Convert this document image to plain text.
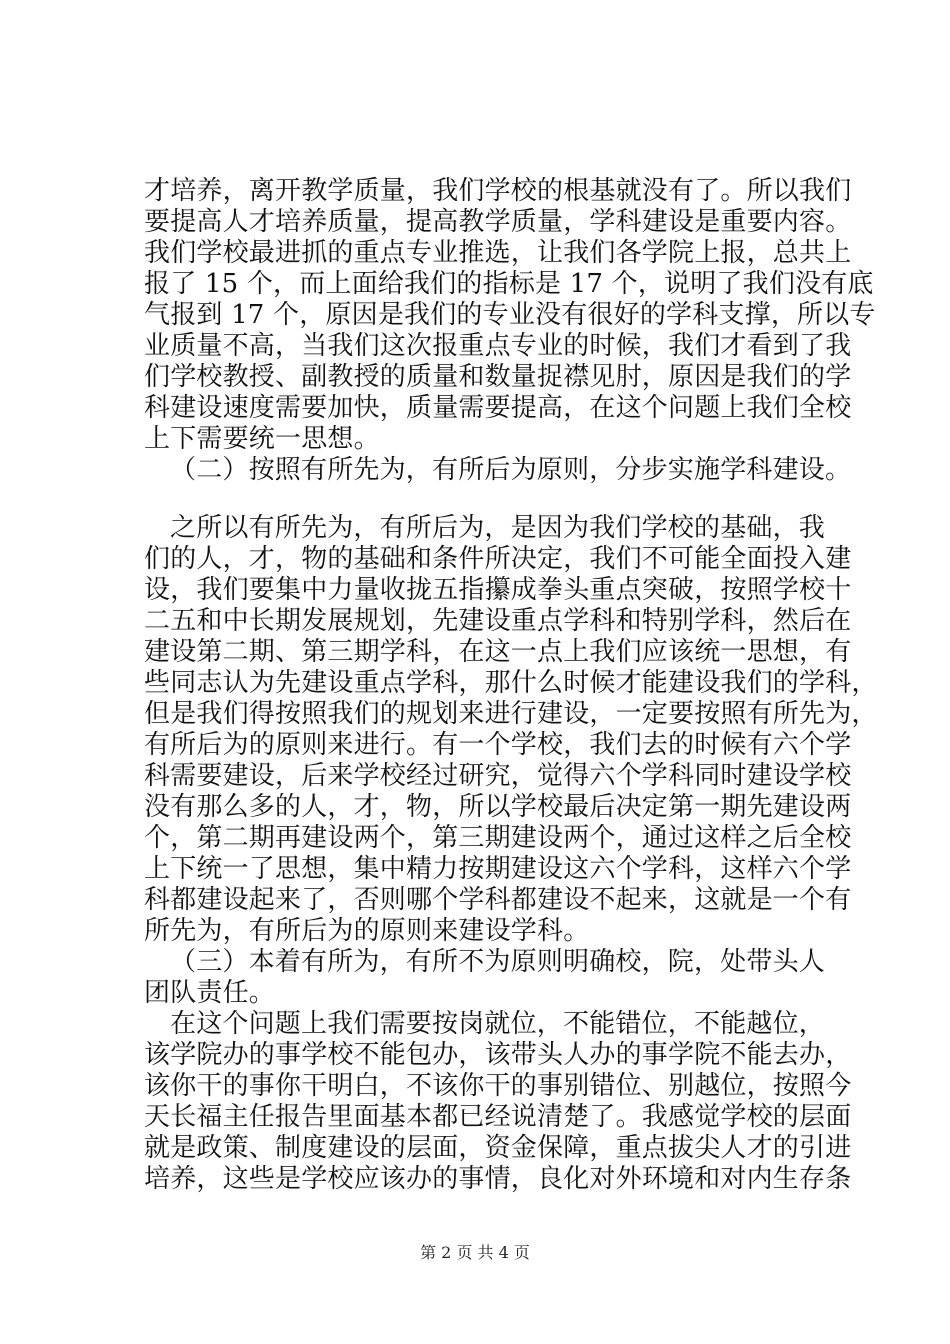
才培养，离开教学质量，我们学校的根基就没有了。所以我们
要提高人才培养质量，提高教学质量，学科建设是重要内容。
我们学校最进抓的重点专业推选，让我们各学院上报，总共上
报了 15 个，而上面给我们的指标是 17 个，说明了我们没有底
气报到 17 个，原因是我们的专业没有很好的学科支撑，所以专
业质量不高，当我们这次报重点专业的时候，我们才看到了我
们学校教授、副教授的质量和数量捉襟见肘，原因是我们的学
科建设速度需要加快，质量需要提高，在这个问题上我们全校
上下需要统一思想。
（二）按照有所先为，有所后为原则，分步实施学科建设。
之所以有所先为，有所后为，是因为我们学校的基础，我
们的人，才，物的基础和条件所决定，我们不可能全面投入建
设，我们要集中力量收拢五指攥成拳头重点突破，按照学校十
二五和中长期发展规划，先建设重点学科和特别学科，然后在
建设第二期、第三期学科，在这一点上我们应该统一思想，有
些同志认为先建设重点学科，那什么时候才能建设我们的学科，
但是我们得按照我们的规划来进行建设，一定要按照有所先为，
有所后为的原则来进行。有一个学校，我们去的时候有六个学
科需要建设，后来学校经过研究，觉得六个学科同时建设学校
没有那么多的人，才，物，所以学校最后决定第一期先建设两
个，第二期再建设两个，第三期建设两个，通过这样之后全校
上下统一了思想，集中精力按期建设这六个学科，这样六个学
科都建设起来了，否则哪个学科都建设不起来，这就是一个有
所先为，有所后为的原则来建设学科。
（三）本着有所为，有所不为原则明确校，院，处带头人
团队责任。
在这个问题上我们需要按岗就位，不能错位，不能越位，
该学院办的事学校不能包办，该带头人办的事学院不能去办，
该你干的事你干明白，不该你干的事别错位、别越位，按照今
天长福主任报告里面基本都已经说清楚了。我感觉学校的层面
就是政策、制度建设的层面，资金保障，重点拔尖人才的引进
培养，这些是学校应该办的事情，良化对外环境和对内生存条
第 2 页 共 4 页
